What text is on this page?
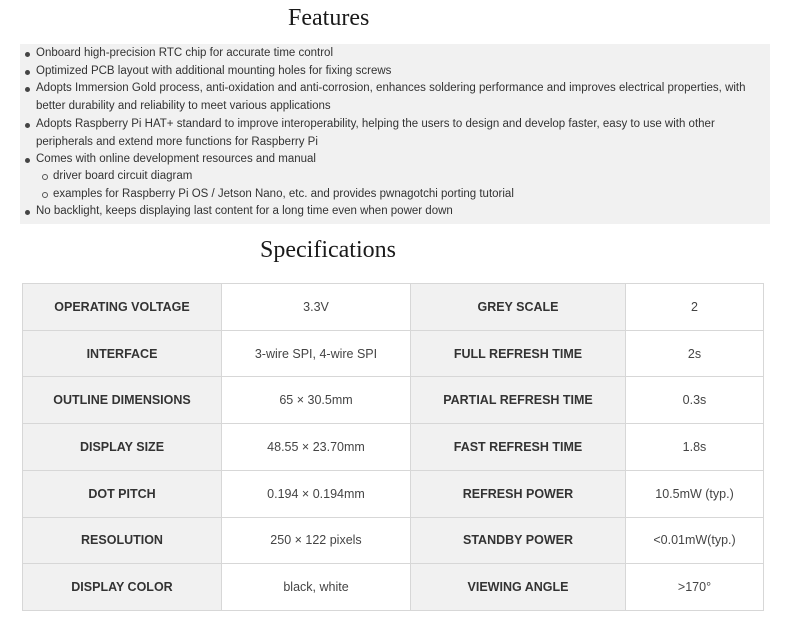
Features
Onboard high-precision RTC chip for accurate time control
Optimized PCB layout with additional mounting holes for fixing screws
Adopts Immersion Gold process, anti-oxidation and anti-corrosion, enhances soldering performance and improves electrical properties, with better durability and reliability to meet various applications
Adopts Raspberry Pi HAT+ standard to improve interoperability, helping the users to design and develop faster, easy to use with other peripherals and extend more functions for Raspberry Pi
Comes with online development resources and manual
driver board circuit diagram
examples for Raspberry Pi OS / Jetson Nano, etc. and provides pwnagotchi porting tutorial
No backlight, keeps displaying last content for a long time even when power down
Specifications
OPERATING VOLTAGE	3.3V	GREY SCALE	2
INTERFACE	3-wire SPI, 4-wire SPI	FULL REFRESH TIME	2s
OUTLINE DIMENSIONS	65 × 30.5mm	PARTIAL REFRESH TIME	0.3s
DISPLAY SIZE	48.55 × 23.70mm	FAST REFRESH TIME	1.8s
DOT PITCH	0.194 × 0.194mm	REFRESH POWER	10.5mW (typ.)
RESOLUTION	250 × 122 pixels	STANDBY POWER	<0.01mW(typ.)
DISPLAY COLOR	black, white	VIEWING ANGLE	>170°
